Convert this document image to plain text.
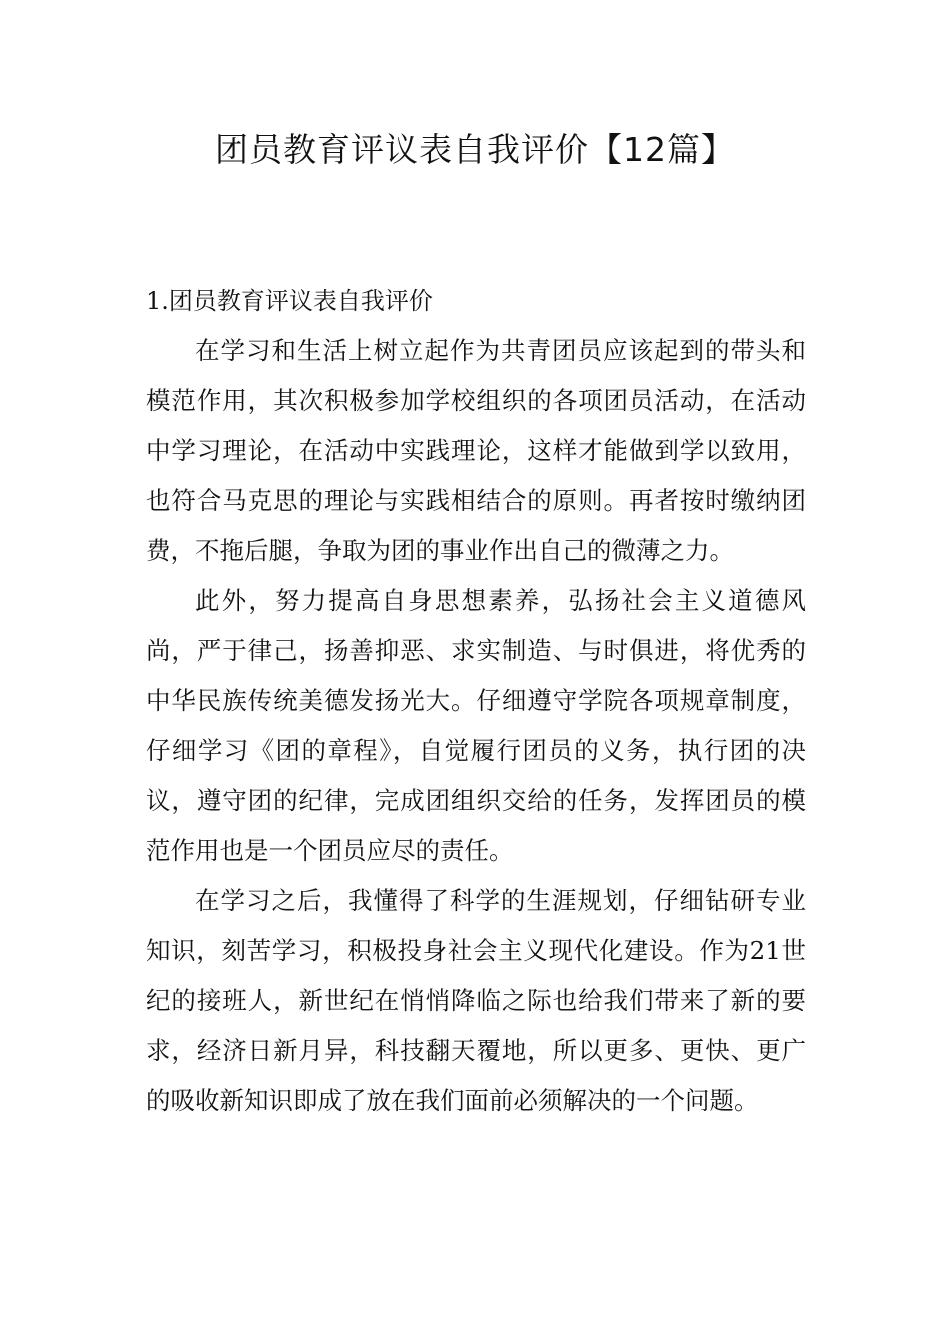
团员教育评议表自我评价【12篇】
1.团员教育评议表自我评价

在学习和生活上树立起作为共青团员应该起到的带头和模范作用，其次积极参加学校组织的各项团员活动，在活动中学习理论，在活动中实践理论，这样才能做到学以致用，也符合马克思的理论与实践相结合的原则。再者按时缴纳团费，不拖后腿，争取为团的事业作出自己的微薄之力。

此外，努力提高自身思想素养，弘扬社会主义道德风尚，严于律己，扬善抑恶、求实制造、与时俱进，将优秀的中华民族传统美德发扬光大。仔细遵守学院各项规章制度，仔细学习《团的章程》，自觉履行团员的义务，执行团的决议，遵守团的纪律，完成团组织交给的任务，发挥团员的模范作用也是一个团员应尽的责任。

在学习之后，我懂得了科学的生涯规划，仔细钻研专业知识，刻苦学习，积极投身社会主义现代化建设。作为21世纪的接班人，新世纪在悄悄降临之际也给我们带来了新的要求，经济日新月异，科技翻天覆地，所以更多、更快、更广的吸收新知识即成了放在我们面前必须解决的一个问题。
